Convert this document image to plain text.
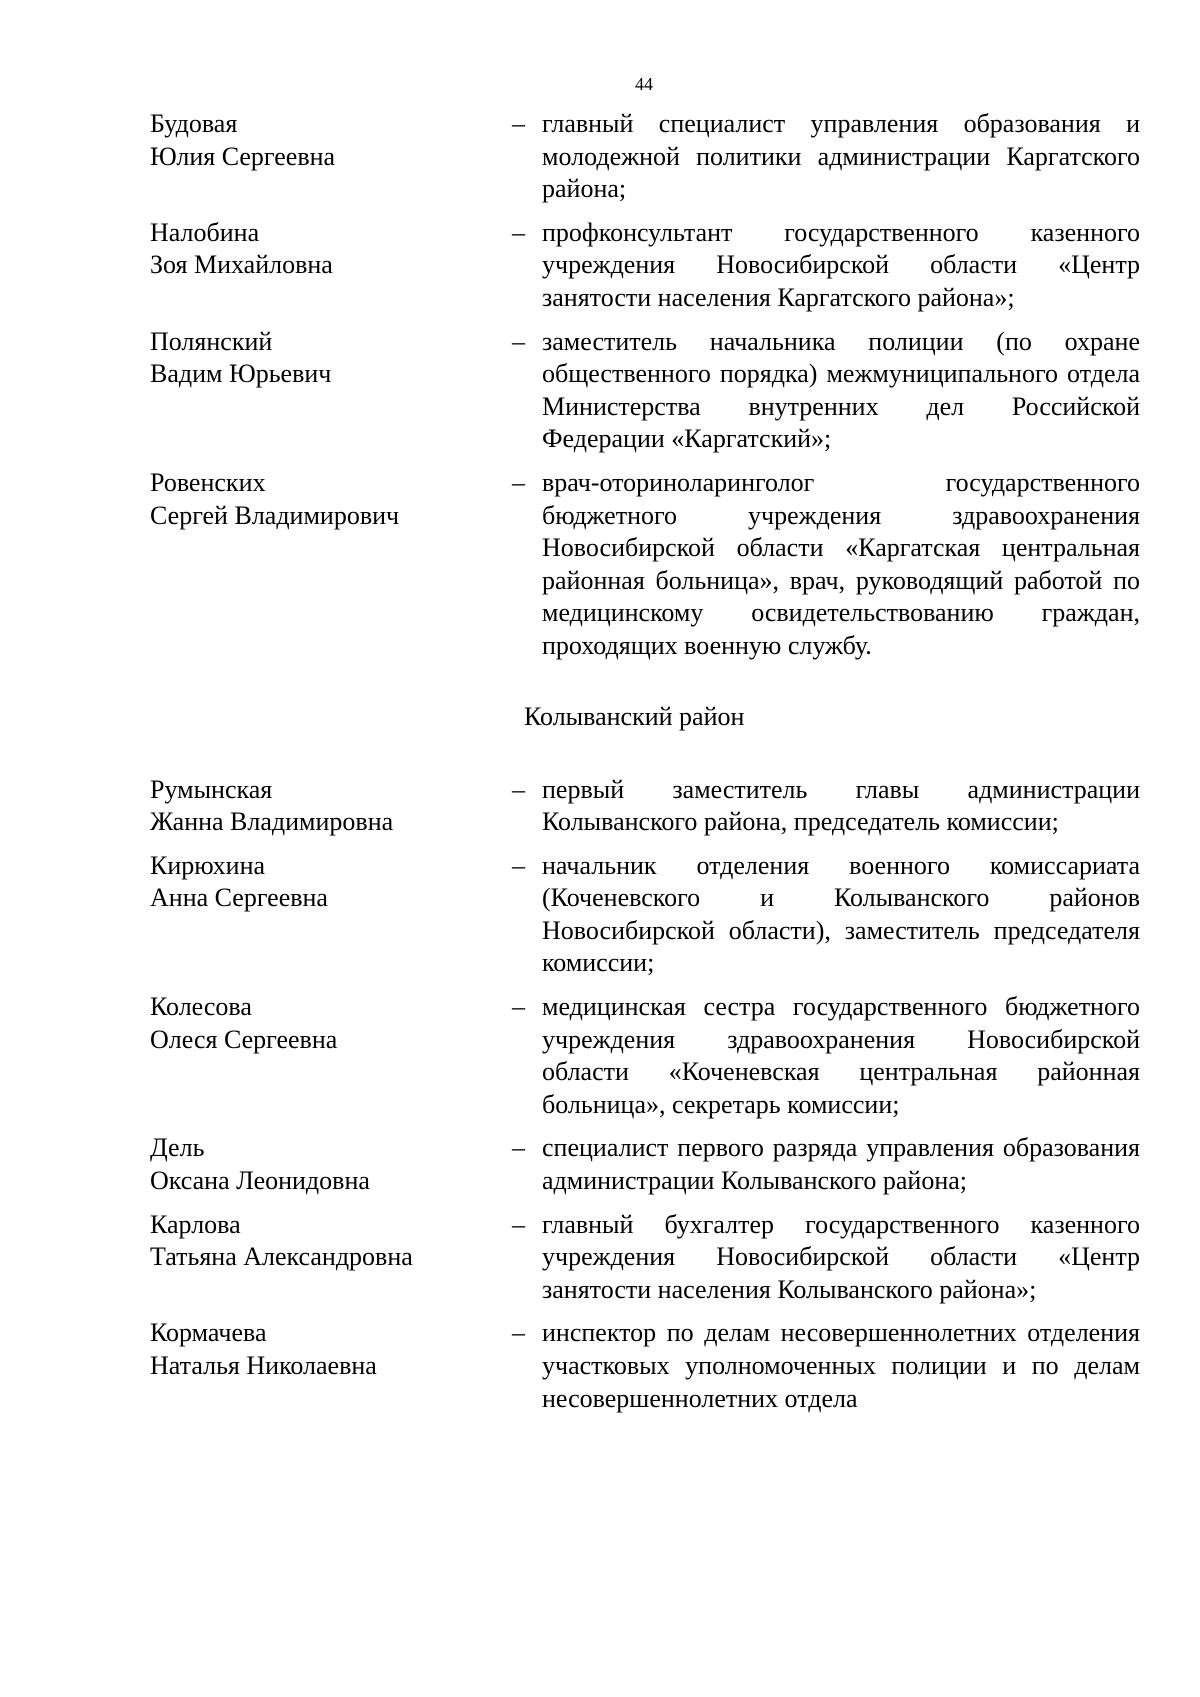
44
Будовая
Юлия Сергеевна
– главный специалист управления образования и молодежной политики администрации Каргатского района;
Налобина
Зоя Михайловна
– профконсультант государственного казенного учреждения Новосибирской области «Центр занятости населения Каргатского района»;
Полянский
Вадим Юрьевич
– заместитель начальника полиции (по охране общественного порядка) межмуниципального отдела Министерства внутренних дел Российской Федерации «Каргатский»;
Ровенских
Сергей Владимирович
– врач-оториноларинголог государственного бюджетного учреждения здравоохранения Новосибирской области «Каргатская центральная районная больница», врач, руководящий работой по медицинскому освидетельствованию граждан, проходящих военную службу.
Колыванский район
Румынская
Жанна Владимировна
– первый заместитель главы администрации Колыванского района, председатель комиссии;
Кирюхина
Анна Сергеевна
– начальник отделения военного комиссариата (Коченевского и Колыванского районов Новосибирской области), заместитель председателя комиссии;
Колесова
Олеся Сергеевна
– медицинская сестра государственного бюджетного учреждения здравоохранения Новосибирской области «Коченевская центральная районная больница», секретарь комиссии;
Дель
Оксана Леонидовна
– специалист первого разряда управления образования администрации Колыванского района;
Карлова
Татьяна Александровна
– главный бухгалтер государственного казенного учреждения Новосибирской области «Центр занятости населения Колыванского района»;
Кормачева
Наталья Николаевна
– инспектор по делам несовершеннолетних отделения участковых уполномоченных полиции и по делам несовершеннолетних отдела
